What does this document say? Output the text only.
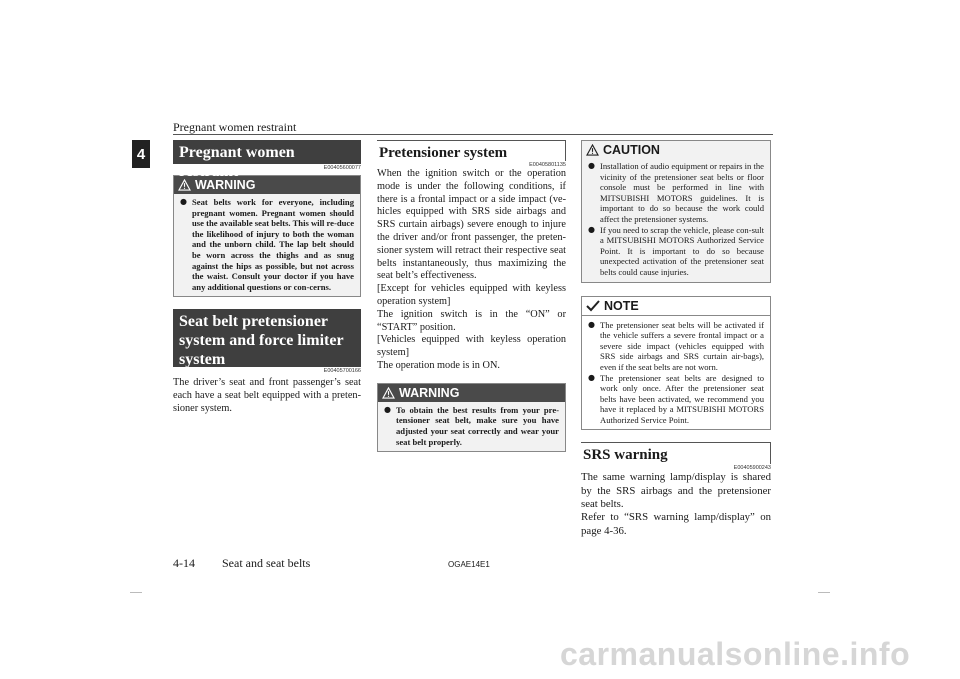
Pregnant women restraint
4	Pregnant women restraint	E00405600077
WARNING
● Seat belts work for everyone, including pregnant women. Pregnant women should use the available seat belts. This will re-duce the likelihood of injury to both the woman and the unborn child. The lap belt should be worn across the thighs and as snug against the hips as possible, but not across the waist. Consult your doctor if you have any additional questions or con-cerns.
Seat belt pretensioner system and force limiter system
E00405700166
The driver’s seat and front passenger’s seat each have a seat belt equipped with a preten-sioner system.
Pretensioner system
E00405801135
When the ignition switch or the operation mode is under the following conditions, if there is a frontal impact or a side impact (ve-hicles equipped with SRS side airbags and SRS curtain airbags) severe enough to injure the driver and/or front passenger, the preten-sioner system will retract their respective seat belts instantaneously, thus maximizing the seat belt’s effectiveness.
[Except for vehicles equipped with keyless operation system]
The ignition switch is in the “ON” or “START” position.
[Vehicles equipped with keyless operation system]
The operation mode is in ON.
WARNING
● To obtain the best results from your pre-tensioner seat belt, make sure you have adjusted your seat correctly and wear your seat belt properly.
CAUTION
● Installation of audio equipment or repairs in the vicinity of the pretensioner seat belts or floor console must be performed in line with MITSUBISHI MOTORS guidelines. It is important to do so because the work could affect the pretensioner systems.
● If you need to scrap the vehicle, please con-sult a MITSUBISHI MOTORS Authorized Service Point. It is important to do so because unexpected activation of the pretensioner seat belts could cause injuries.
NOTE
● The pretensioner seat belts will be activated if the vehicle suffers a severe frontal impact or a severe side impact (vehicles equipped with SRS side airbags and SRS curtain air-bags), even if the seat belts are not worn.
● The pretensioner seat belts are designed to work only once. After the pretensioner seat belts have been activated, we recommend you have it replaced by a MITSUBISHI MOTORS Authorized Service Point.
SRS warning
E00405900243
The same warning lamp/display is shared by the SRS airbags and the pretensioner seat belts.
Refer to “SRS warning lamp/display” on page 4-36.
4-14 Seat and seat belts	OGAE14E1
carmanualsonline.info
